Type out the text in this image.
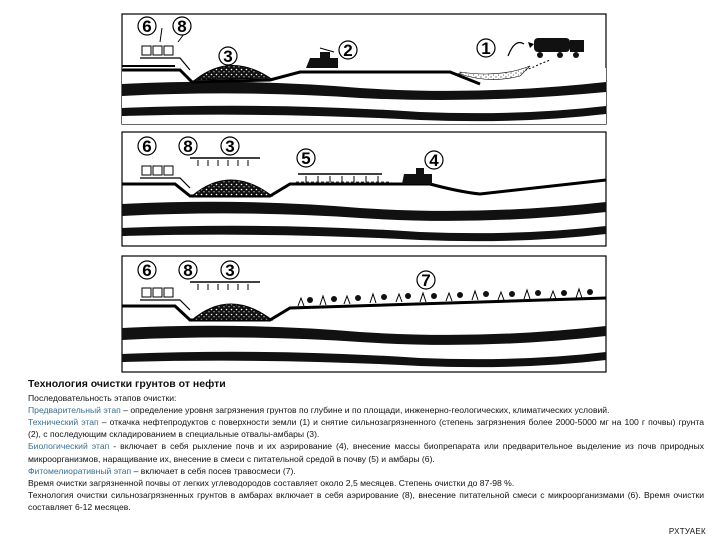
6 8
3	2	1
6 8 3
5	4
6 8 3
7
Технология очистки грунтов от нефти
Последовательность этапов очистки:
Предварительный этап – определение уровня загрязнения грунтов по глубине и по площади, инженерно-геологических, климатических условий.
Технический этап – откачка нефтепродуктов с поверхности земли (1) и снятие сильнозагрязненного (степень загрязнения более 2000-5000 мг на 100 г почвы) грунта (2), с последующим складированием в специальные отвалы-амбары (3).
Биологический этап - включает в себя рыхление почв и их аэрирование (4), внесение массы биопрепарата или предварительное выделение из почв природных микроорганизмов, наращивание их, внесение в смеси с питательной средой в почву (5) и амбары (6).
Фитомелиоративный этап – включает в себя посев травосмеси (7).
Время очистки загрязненной почвы от легких углеводородов составляет около 2,5 месяцев. Степень очистки до 87-98 %.
Технология очистки сильнозагрязненных грунтов в амбарах включает в себя аэрирование (8), внесение питательной смеси с микроорганизмами (6). Время очистки составляет 6-12 месяцев.
РХТУАЕК
